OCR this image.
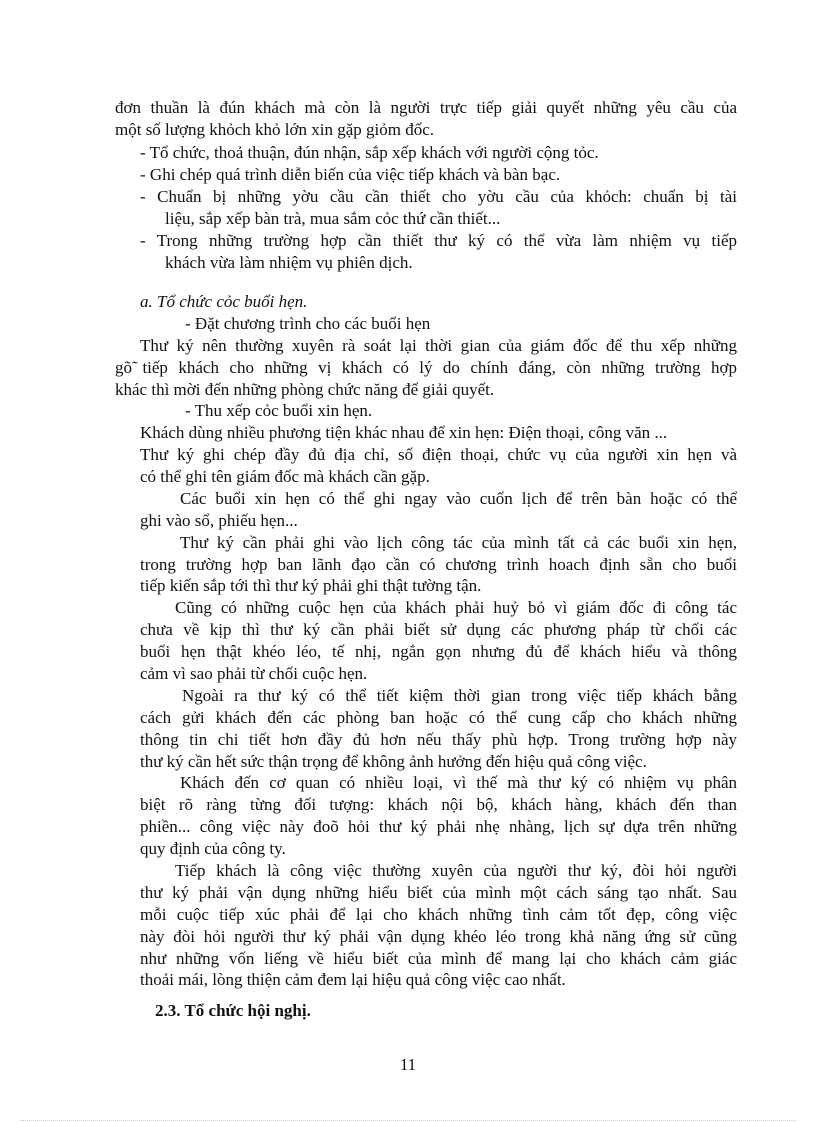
đơn thuần là đún khách mà còn là người trực tiếp giải quyết những yêu cầu của
một số lượng khỏch khỏ lớn xin gặp giỏm đốc.
- Tổ chức, thoả thuận, đún nhận, sắp xếp khách với người cộng tỏc.
- Ghi chép quá trình diễn biến của việc tiếp khách và bàn bạc.
- Chuẩn bị những yờu cầu cần thiết cho yờu cầu của khỏch: chuẩn bị tài
liệu, sắp xếp bàn trà, mua sắm cỏc thứ cần thiết...
- Trong những trường hợp cần thiết thư ký có thể vừa làm nhiệm vụ tiếp
khách vừa làm nhiệm vụ phiên dịch.
a. Tổ chức cỏc buổi hẹn.
- Đặt chương trình cho các buổi hẹn
Thư ký nên thường xuyên rà soát lại thời gian của giám đốc để thu xếp những
gõ̃ tiếp khách cho những vị khách có lý do chính đáng, còn những trường hợp
khác thì mời đến những phòng chức năng để giải quyết.
- Thu xếp cỏc buổi xin hẹn.
Khách dùng nhiều phương tiện khác nhau để xin hẹn: Điện thoại, công văn ...
Thư ký ghi chép đầy đủ địa chỉ, số điện thoại, chức vụ của người xin hẹn và
có thể ghi tên giám đốc mà khách cần gặp.
Các buổi xin hẹn có thể ghi ngay vào cuốn lịch để trên bàn hoặc có thể
ghi vào sổ, phiếu hẹn...
Thư ký cần phải ghi vào lịch công tác của mình tất cả các buổi xin hẹn,
trong trường hợp ban lãnh đạo cần có chương trình hoach định sẵn cho buổi
tiếp kiến sắp tới thì thư ký phải ghi thật tường tận.
Cũng có những cuộc hẹn của khách phải huỷ bỏ vì giám đốc đi công tác
chưa về kịp thì thư ký cần phải biết sử dụng các phương pháp từ chối các
buổi hẹn thật khéo léo, tế nhị, ngắn gọn nhưng đủ để khách hiểu và thông
cảm vì sao phải từ chối cuộc hẹn.
Ngoài ra thư ký có thể tiết kiệm thời gian trong việc tiếp khách bằng
cách gửi khách đến các phòng ban hoặc có thể cung cấp cho khách những
thông tin chi tiết hơn đầy đủ hơn nếu thấy phù hợp. Trong trường hợp này
thư ký cần hết sức thận trọng để không ảnh hưởng đến hiệu quả công việc.
Khách đến cơ quan có nhiều loại, vì thế mà thư ký có nhiệm vụ phân
biệt rõ ràng từng đối tượng: khách nội bộ, khách hàng, khách đến than
phiền... công việc này đoõ hỏi thư ký phải nhẹ nhàng, lịch sự dựa trên những
quy định của công ty.
Tiếp khách là công việc thường xuyên của người thư ký, đòi hỏi người
thư ký phải vận dụng những hiểu biết của mình một cách sáng tạo nhất. Sau
mỗi cuộc tiếp xúc phải để lại cho khách những tình cảm tốt đẹp, công việc
này đòi hỏi người thư ký phải vận dụng khéo léo trong khả năng ứng sử cũng
như những vốn liếng về hiểu biết của mình để mang lại cho khách cảm giác
thoải mái, lòng thiện cảm đem lại hiệu quả công việc cao nhất.
2.3. Tổ chức hội nghị.
11
